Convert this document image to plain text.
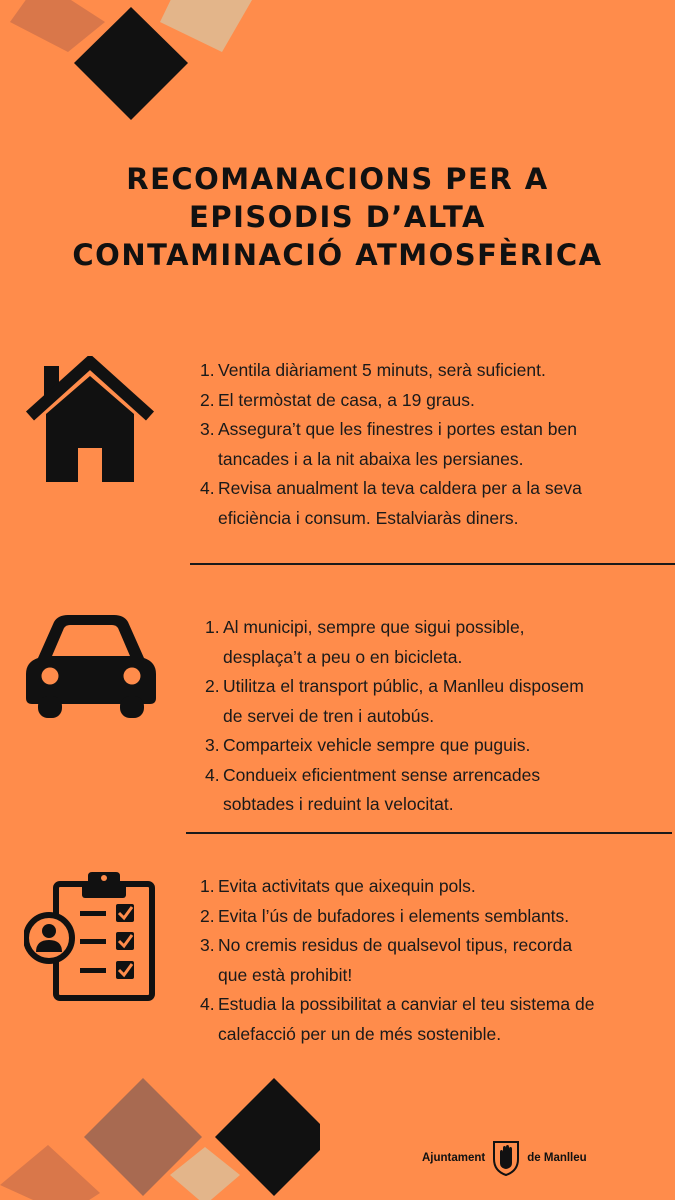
RECOMANACIONS PER A
EPISODIS D’ALTA
CONTAMINACIÓ ATMOSFÈRICA
1. Ventila diàriament 5 minuts, serà suficient.
2. El termòstat de casa, a 19 graus.
3. Assegura’t que les finestres i portes estan ben
tancades i a la nit abaixa les persianes.
4. Revisa anualment la teva caldera per a la seva
eficiència i consum. Estalviaràs diners.
1. Al municipi, sempre que sigui possible,
desplaça’t a peu o en bicicleta.
2. Utilitza el transport públic, a Manlleu disposem
de servei de tren i autobús.
3. Comparteix vehicle sempre que puguis.
4. Condueix eficientment sense arrencades
sobtades i reduint la velocitat.
1. Evita activitats que aixequin pols.
2. Evita l’ús de bufadores i elements semblants.
3. No cremis residus de qualsevol tipus, recorda
que està prohibit!
4. Estudia la possibilitat a canviar el teu sistema de
calefacció per un de més sostenible.
Ajuntament	de Manlleu
